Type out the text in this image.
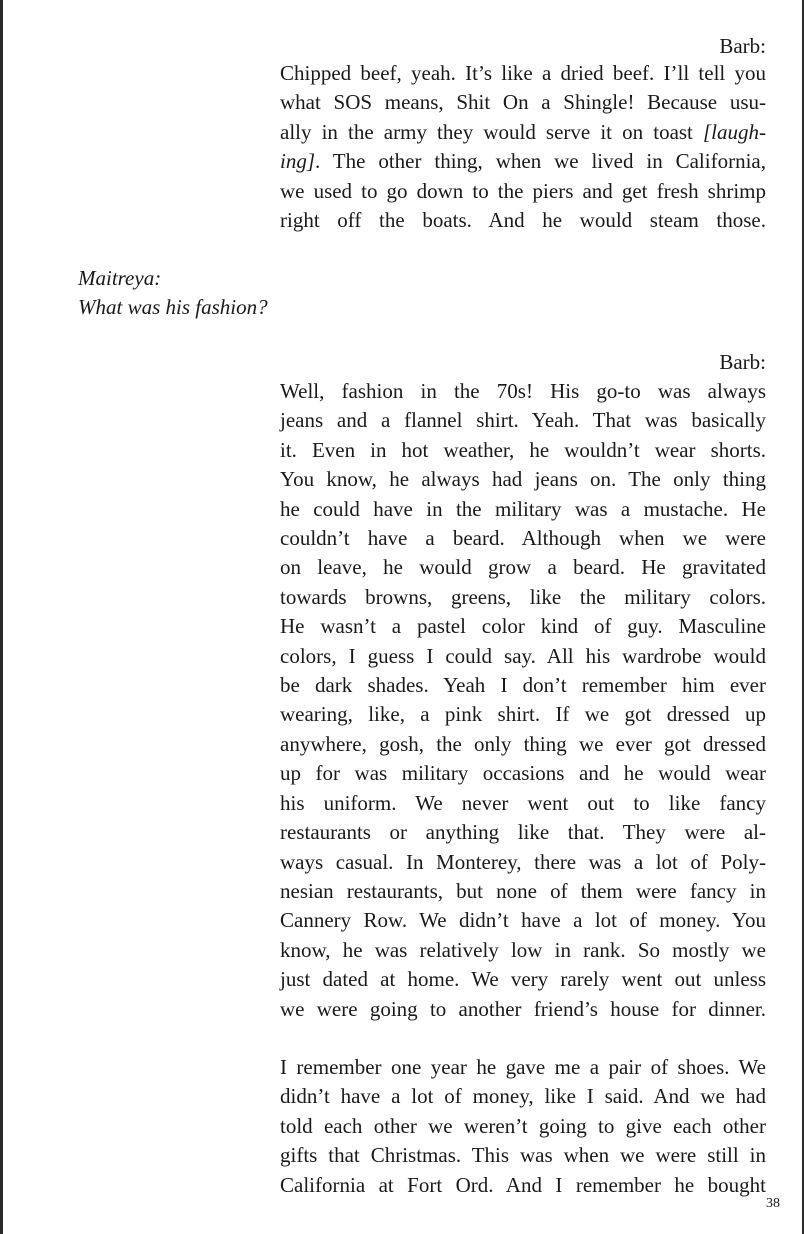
Barb:
Chipped beef, yeah. It’s like a dried beef. I’ll tell you
what SOS means, Shit On a Shingle! Because usu-
ally in the army they would serve it on toast [laugh-
ing]. The other thing, when we lived in California,
we used to go down to the piers and get fresh shrimp
right off the boats. And he would steam those.

Maitreya:

What was his fashion?

Barb:
Well, fashion in the 70s! His go-to was always
jeans and a flannel shirt. Yeah. That was basically
it. Even in hot weather, he wouldn’t wear shorts.
You know, he always had jeans on. The only thing
he could have in the military was a mustache. He
couldn’t have a beard. Although when we were
on leave, he would grow a beard. He gravitated
towards browns, greens, like the military colors.
He wasn’t a pastel color kind of guy. Masculine
colors, I guess I could say. All his wardrobe would
be dark shades. Yeah I don’t remember him ever
wearing, like, a pink shirt. If we got dressed up
anywhere, gosh, the only thing we ever got dressed
up for was military occasions and he would wear
his uniform. We never went out to like fancy
restaurants or anything like that. They were al-
ways casual. In Monterey, there was a lot of Poly-
nesian restaurants, but none of them were fancy in
Cannery Row. We didn’t have a lot of money. You
know, he was relatively low in rank. So mostly we
just dated at home. We very rarely went out unless
we were going to another friend’s house for dinner.
I remember one year he gave me a pair of shoes. We
didn’t have a lot of money, like I said. And we had
told each other we weren’t going to give each other
gifts that Christmas. This was when we were still in
California at Fort Ord. And I remember he bought
38
